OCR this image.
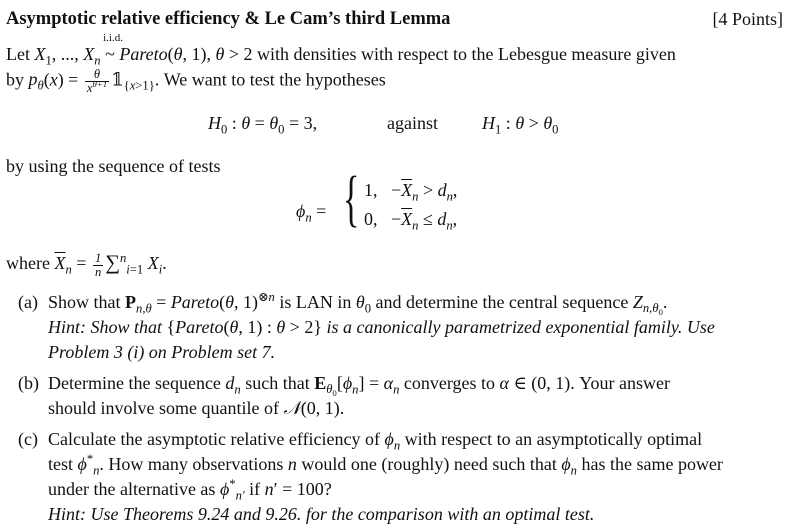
Asymptotic relative efficiency & Le Cam’s third Lemma	[4 Points]
Let $X_1$, ..., $X_n$
i.i.d.
~ Pareto(θ, 1), θ > 2 with densities with respect to the Lebesgue measure given
by $p_\theta(x) = \frac{\theta}{x^{\theta+1}}$ $𝟙_{\{x>1\}}$. We want to test the hypotheses
$H_0$ : $\theta = \theta_0 = 3$,	against $H_1$ : $\theta > \theta_0$
by using the sequence of tests
$\phi_n$ = { 1,   $-\overline{X}_n > d_n$,
0,   $-\overline{X}_n \le d_n$,
where $\overline{X}_n = \frac{1}{n} \sum^n_{i=1}$ $X_i$.
(a) Show that $P_{n,\theta}$ = Pareto(θ, 1)$^{\otimes n}$ is LAN in $\theta_0$ and determine the central sequence $Z_{n,\theta_0}$.
Hint: Show that {Pareto(θ, 1) : θ > 2} is a canonically parametrized exponential family. Use
Problem 3 (i) on Problem set 7.
(b) Determine the sequence $d_n$ such that $E_{\theta_0}[\phi_n] = \alpha_n$ converges to α ∈ (0, 1). Your answer
should involve some quantile of 𝒩(0, 1).
(c) Calculate the asymptotic relative efficiency of $\phi_n$ with respect to an asymptotically optimal
test $\phi^*_n$. How many observations n would one (roughly) need such that $\phi_n$ has the same power
under the alternative as $\phi^*_{n'}$ if n′ = 100?
Hint: Use Theorems 9.24 and 9.26. for the comparison with an optimal test.
